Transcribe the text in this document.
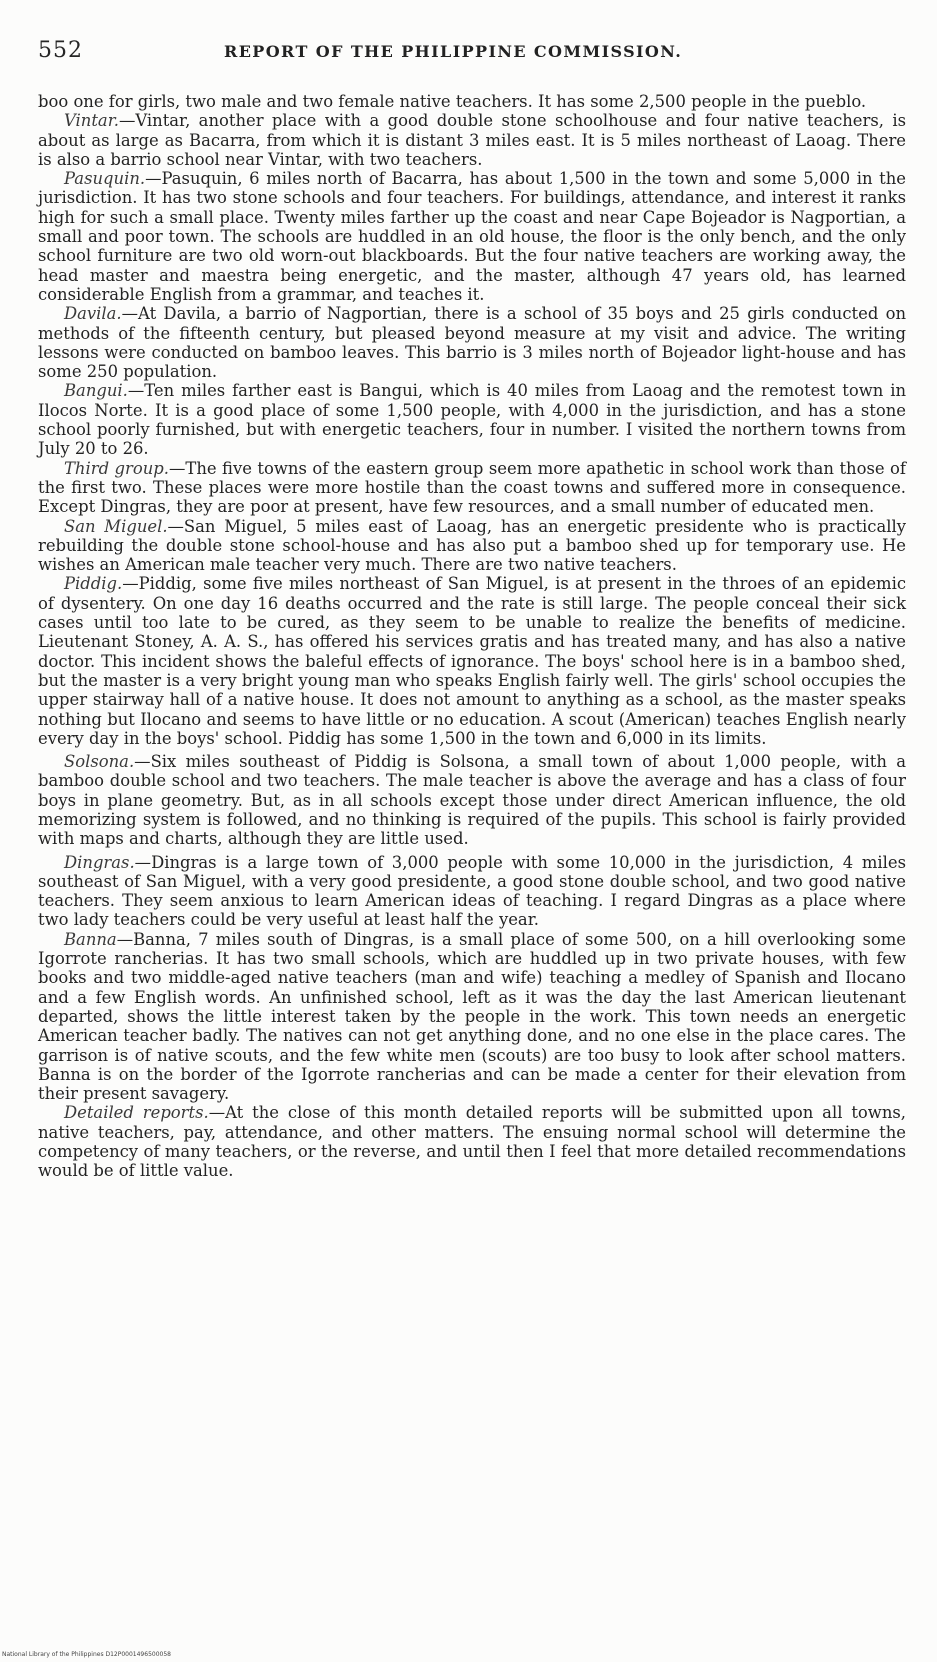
552	REPORT OF THE PHILIPPINE COMMISSION.

boo one for girls, two male and two female native teachers. It has some 2,500 people in the pueblo.

Vintar.—Vintar, another place with a good double stone schoolhouse and four native teachers, is about as large as Bacarra, from which it is distant 3 miles east. It is 5 miles northeast of Laoag. There is also a barrio school near Vintar, with two teachers.

Pasuquin.—Pasuquin, 6 miles north of Bacarra, has about 1,500 in the town and some 5,000 in the jurisdiction. It has two stone schools and four teachers. For buildings, attendance, and interest it ranks high for such a small place. Twenty miles farther up the coast and near Cape Bojeador is Nagportian, a small and poor town. The schools are huddled in an old house, the floor is the only bench, and the only school furniture are two old worn-out blackboards. But the four native teachers are working away, the head master and maestra being energetic, and the master, although 47 years old, has learned considerable English from a grammar, and teaches it.

Davila.—At Davila, a barrio of Nagportian, there is a school of 35 boys and 25 girls conducted on methods of the fifteenth century, but pleased beyond measure at my visit and advice. The writing lessons were conducted on bamboo leaves. This barrio is 3 miles north of Bojeador light-house and has some 250 population.

Bangui.—Ten miles farther east is Bangui, which is 40 miles from Laoag and the remotest town in Ilocos Norte. It is a good place of some 1,500 people, with 4,000 in the jurisdiction, and has a stone school poorly furnished, but with energetic teachers, four in number. I visited the northern towns from July 20 to 26.

Third group.—The five towns of the eastern group seem more apathetic in school work than those of the first two. These places were more hostile than the coast towns and suffered more in consequence. Except Dingras, they are poor at present, have few resources, and a small number of educated men.

San Miguel.—San Miguel, 5 miles east of Laoag, has an energetic presidente who is practically rebuilding the double stone school-house and has also put a bamboo shed up for temporary use. He wishes an American male teacher very much. There are two native teachers.

Piddig.—Piddig, some five miles northeast of San Miguel, is at present in the throes of an epidemic of dysentery. On one day 16 deaths occurred and the rate is still large. The people conceal their sick cases until too late to be cured, as they seem to be unable to realize the benefits of medicine. Lieutenant Stoney, A. A. S., has offered his services gratis and has treated many, and has also a native doctor. This incident shows the baleful effects of ignorance. The boys' school here is in a bamboo shed, but the master is a very bright young man who speaks English fairly well. The girls' school occupies the upper stairway hall of a native house. It does not amount to anything as a school, as the master speaks nothing but Ilocano and seems to have little or no education. A scout (American) teaches English nearly every day in the boys' school. Piddig has some 1,500 in the town and 6,000 in its limits.

Solsona.—Six miles southeast of Piddig is Solsona, a small town of about 1,000 people, with a bamboo double school and two teachers. The male teacher is above the average and has a class of four boys in plane geometry. But, as in all schools except those under direct American influence, the old memorizing system is followed, and no thinking is required of the pupils. This school is fairly provided with maps and charts, although they are little used.

Dingras.—Dingras is a large town of 3,000 people with some 10,000 in the jurisdiction, 4 miles southeast of San Miguel, with a very good presidente, a good stone double school, and two good native teachers. They seem anxious to learn American ideas of teaching. I regard Dingras as a place where two lady teachers could be very useful at least half the year.

Banna—Banna, 7 miles south of Dingras, is a small place of some 500, on a hill overlooking some Igorrote rancherias. It has two small schools, which are huddled up in two private houses, with few books and two middle-aged native teachers (man and wife) teaching a medley of Spanish and Ilocano and a few English words. An unfinished school, left as it was the day the last American lieutenant departed, shows the little interest taken by the people in the work. This town needs an energetic American teacher badly. The natives can not get anything done, and no one else in the place cares. The garrison is of native scouts, and the few white men (scouts) are too busy to look after school matters. Banna is on the border of the Igorrote rancherias and can be made a center for their elevation from their present savagery.

Detailed reports.—At the close of this month detailed reports will be submitted upon all towns, native teachers, pay, attendance, and other matters. The ensuing normal school will determine the competency of many teachers, or the reverse, and until then I feel that more detailed recommendations would be of little value.

National Library of the Philippines D12P0001496500058
